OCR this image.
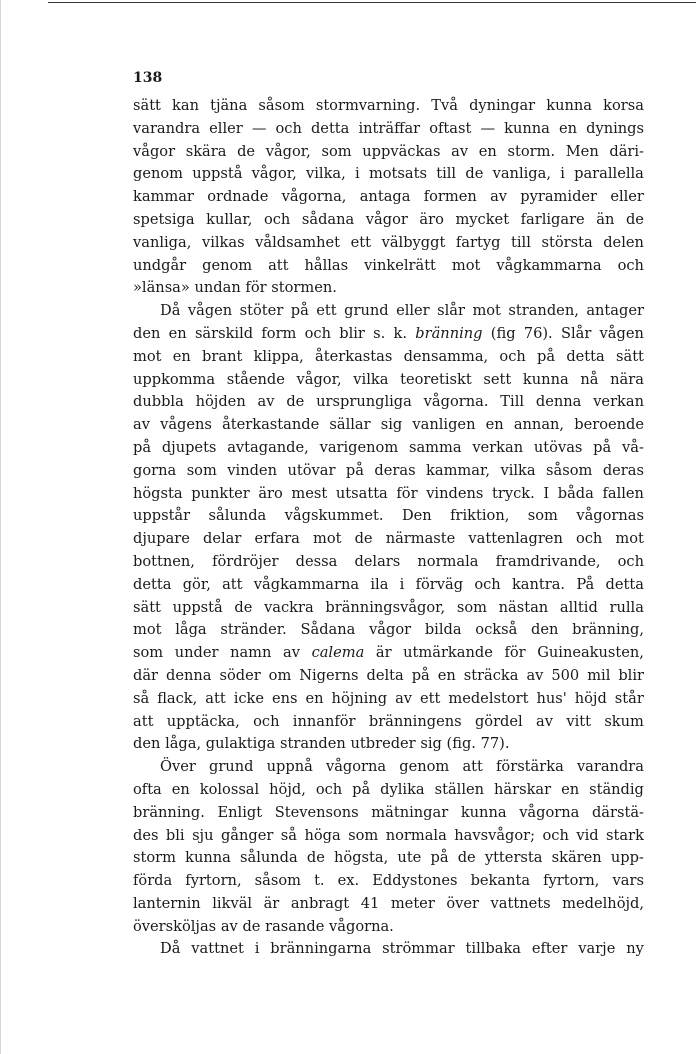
138
sätt kan tjäna såsom stormvarning. Två dyningar kunna korsa
varandra eller — och detta inträffar oftast — kunna en dynings
vågor skära de vågor, som uppväckas av en storm. Men däri-
genom uppstå vågor, vilka, i motsats till de vanliga, i parallella
kammar ordnade vågorna, antaga formen av pyramider eller
spetsiga kullar, och sådana vågor äro mycket farligare än de
vanliga, vilkas våldsamhet ett välbyggt fartyg till största delen
undgår genom att hållas vinkelrätt mot vågkammarna och
»länsa» undan för stormen.
Då vågen stöter på ett grund eller slår mot stranden, antager
den en särskild form och blir s. k. bränning (fig 76). Slår vågen
mot en brant klippa, återkastas densamma, och på detta sätt
uppkomma stående vågor, vilka teoretiskt sett kunna nå nära
dubbla höjden av de ursprungliga vågorna. Till denna verkan
av vågens återkastande sällar sig vanligen en annan, beroende
på djupets avtagande, varigenom samma verkan utövas på vå-
gorna som vinden utövar på deras kammar, vilka såsom deras
högsta punkter äro mest utsatta för vindens tryck. I båda fallen
uppstår sålunda vågskummet. Den friktion, som vågornas
djupare delar erfara mot de närmaste vattenlagren och mot
bottnen, fördröjer dessa delars normala framdrivande, och
detta gör, att vågkammarna ila i förväg och kantra. På detta
sätt uppstå de vackra bränningsvågor, som nästan alltid rulla
mot låga stränder. Sådana vågor bilda också den bränning,
som under namn av calema är utmärkande för Guineakusten,
där denna söder om Nigerns delta på en sträcka av 500 mil blir
så flack, att icke ens en höjning av ett medelstort hus' höjd står
att upptäcka, och innanför bränningens gördel av vitt skum
den låga, gulaktiga stranden utbreder sig (fig. 77).
Över grund uppnå vågorna genom att förstärka varandra
ofta en kolossal höjd, och på dylika ställen härskar en ständig
bränning. Enligt Stevensons mätningar kunna vågorna därstä-
des bli sju gånger så höga som normala havsvågor; och vid stark
storm kunna sålunda de högsta, ute på de yttersta skären upp-
förda fyrtorn, såsom t. ex. Eddystones bekanta fyrtorn, vars
lanternin likväl är anbragt 41 meter över vattnets medelhöjd,
översköljas av de rasande vågorna.
Då vattnet i bränningarna strömmar tillbaka efter varje ny
